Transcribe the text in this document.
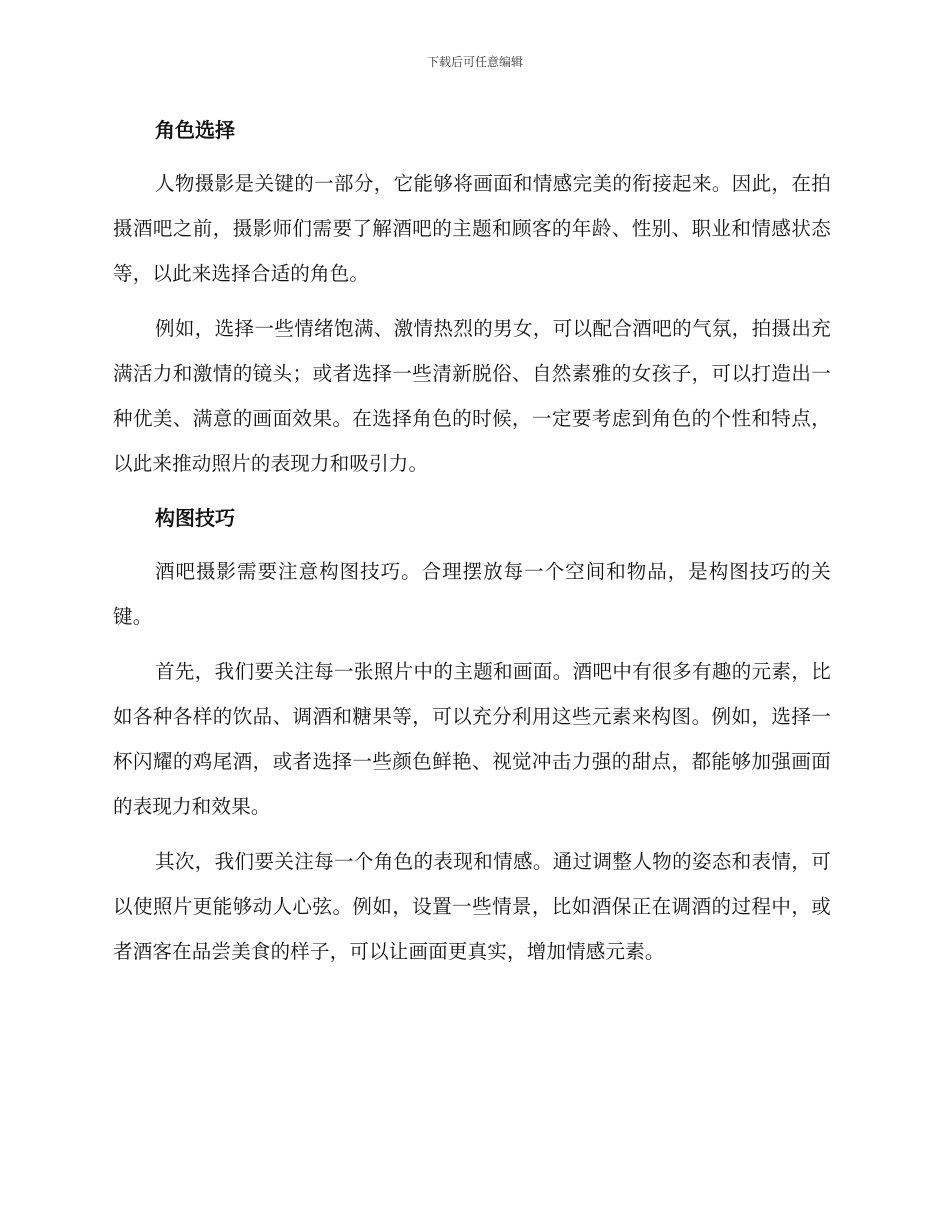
下载后可任意编辑
角色选择

人物摄影是关键的一部分，它能够将画面和情感完美的衔接起来。因此，在拍摄酒吧之前，摄影师们需要了解酒吧的主题和顾客的年龄、性别、职业和情感状态等，以此来选择合适的角色。

例如，选择一些情绪饱满、激情热烈的男女，可以配合酒吧的气氛，拍摄出充满活力和激情的镜头；或者选择一些清新脱俗、自然素雅的女孩子，可以打造出一种优美、满意的画面效果。在选择角色的时候，一定要考虑到角色的个性和特点，以此来推动照片的表现力和吸引力。

构图技巧

酒吧摄影需要注意构图技巧。合理摆放每一个空间和物品，是构图技巧的关键。

首先，我们要关注每一张照片中的主题和画面。酒吧中有很多有趣的元素，比如各种各样的饮品、调酒和糖果等，可以充分利用这些元素来构图。例如，选择一杯闪耀的鸡尾酒，或者选择一些颜色鲜艳、视觉冲击力强的甜点，都能够加强画面的表现力和效果。

其次，我们要关注每一个角色的表现和情感。通过调整人物的姿态和表情，可以使照片更能够动人心弦。例如，设置一些情景，比如酒保正在调酒的过程中，或者酒客在品尝美食的样子，可以让画面更真实，增加情感元素。
